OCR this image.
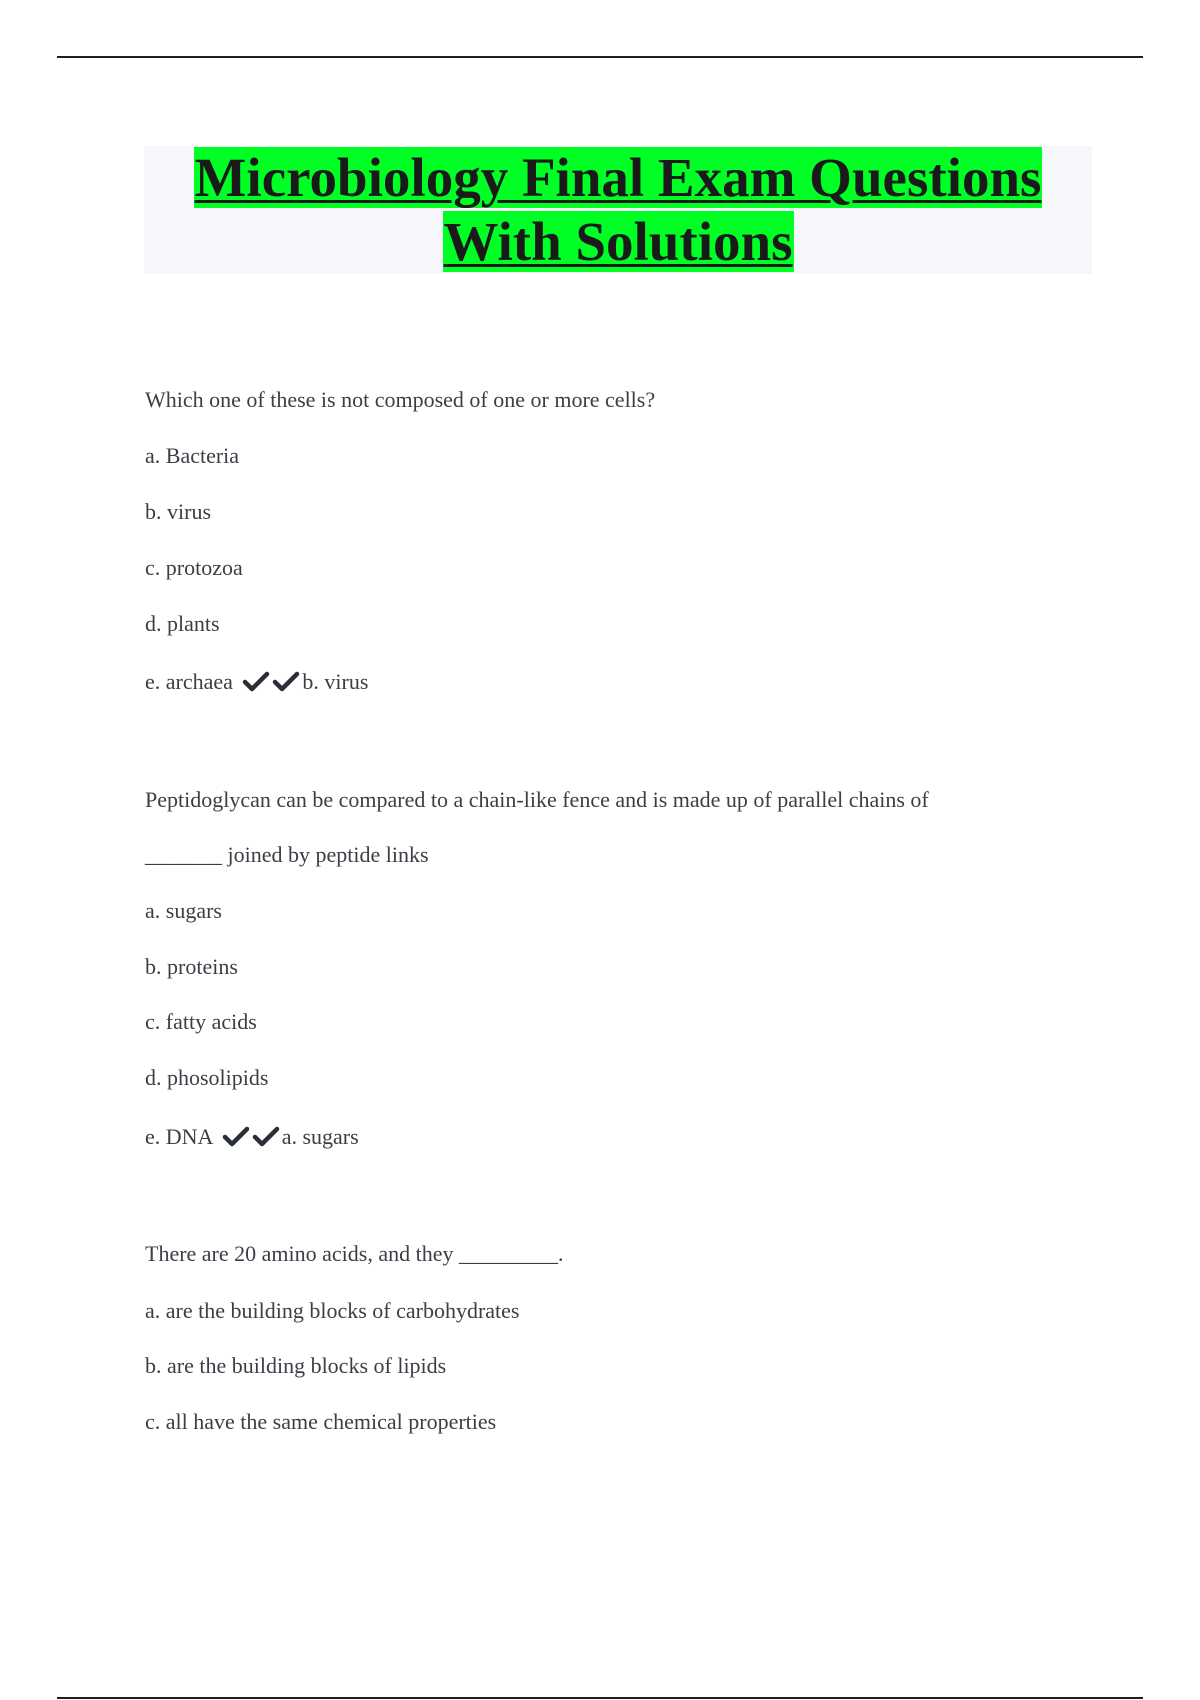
Microbiology Final Exam Questions
With Solutions
Which one of these is not composed of one or more cells?
a. Bacteria
b. virus
c. protozoa
d. plants
e. archaea	b. virus
Peptidoglycan can be compared to a chain-like fence and is made up of parallel chains of
_______ joined by peptide links
a. sugars
b. proteins
c. fatty acids
d. phosolipids
e. DNA	a. sugars
There are 20 amino acids, and they _________.
a. are the building blocks of carbohydrates
b. are the building blocks of lipids
c. all have the same chemical properties
